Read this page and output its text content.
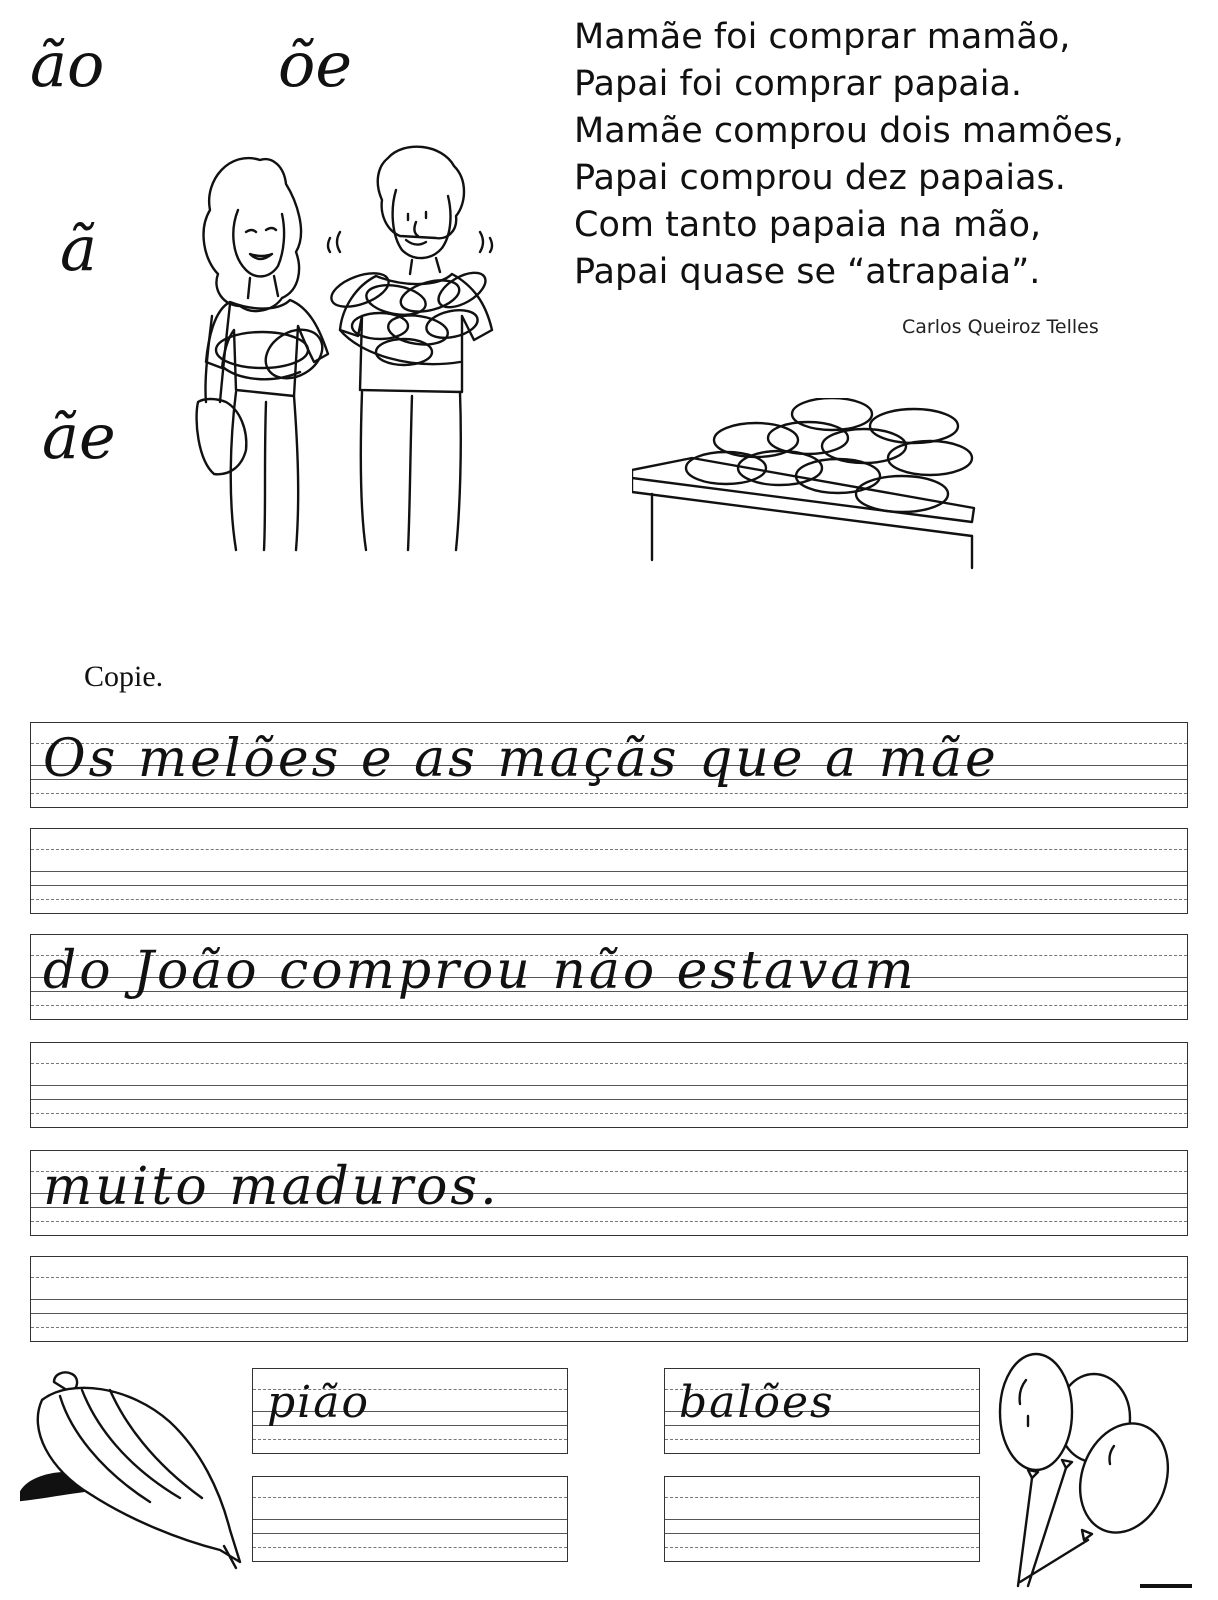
ão	õe
ã
ãe
Mamãe foi comprar mamão,
Papai foi comprar papaia.
Mamãe comprou dois mamões,
Papai comprou dez papaias.
Com tanto papaia na mão,
Papai quase se “atrapaia”.
Carlos Queiroz Telles
Copie.
Os melões e as maçãs que a mãe
do João comprou não estavam
muito maduros.
pião	balões
